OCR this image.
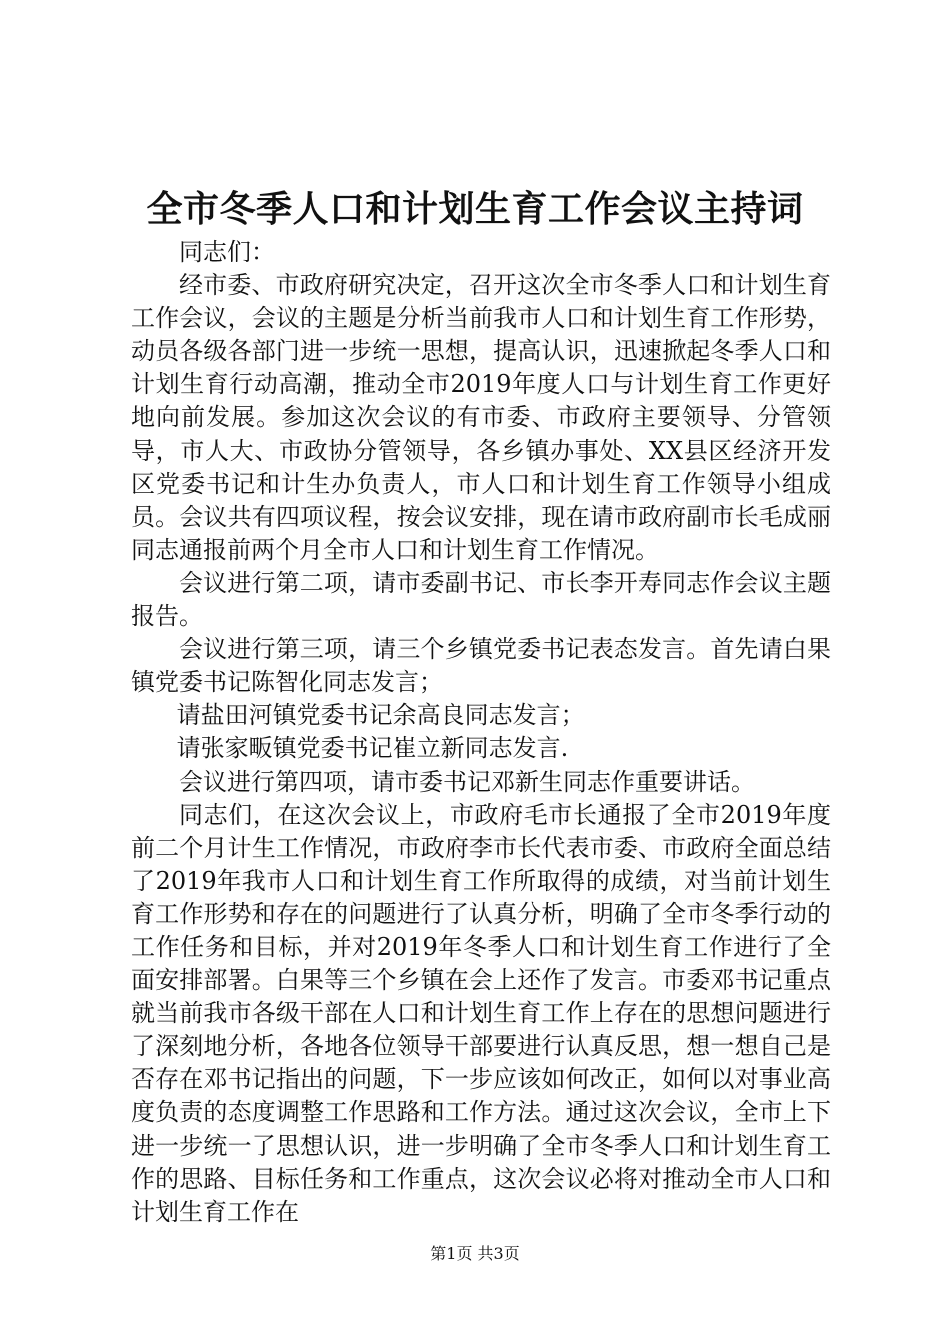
全市冬季人口和计划生育工作会议主持词

同志们：

经市委、市政府研究决定，召开这次全市冬季人口和计划生育工作会议，会议的主题是分析当前我市人口和计划生育工作形势，动员各级各部门进一步统一思想，提高认识，迅速掀起冬季人口和计划生育行动高潮，推动全市2019年度人口与计划生育工作更好地向前发展。参加这次会议的有市委、市政府主要领导、分管领导，市人大、市政协分管领导，各乡镇办事处、XX县区经济开发区党委书记和计生办负责人，市人口和计划生育工作领导小组成员。会议共有四项议程，按会议安排，现在请市政府副市长毛成丽同志通报前两个月全市人口和计划生育工作情况。

会议进行第二项，请市委副书记、市长李开寿同志作会议主题报告。

会议进行第三项，请三个乡镇党委书记表态发言。首先请白果镇党委书记陈智化同志发言；

请盐田河镇党委书记余高良同志发言；

请张家畈镇党委书记崔立新同志发言.

会议进行第四项，请市委书记邓新生同志作重要讲话。

同志们，在这次会议上，市政府毛市长通报了全市2019年度前二个月计生工作情况，市政府李市长代表市委、市政府全面总结了2019年我市人口和计划生育工作所取得的成绩，对当前计划生育工作形势和存在的问题进行了认真分析，明确了全市冬季行动的工作任务和目标，并对2019年冬季人口和计划生育工作进行了全面安排部署。白果等三个乡镇在会上还作了发言。市委邓书记重点就当前我市各级干部在人口和计划生育工作上存在的思想问题进行了深刻地分析，各地各位领导干部要进行认真反思，想一想自己是否存在邓书记指出的问题，下一步应该如何改正，如何以对事业高度负责的态度调整工作思路和工作方法。通过这次会议，全市上下进一步统一了思想认识，进一步明确了全市冬季人口和计划生育工作的思路、目标任务和工作重点，这次会议必将对推动全市人口和计划生育工作在

第1页 共3页
